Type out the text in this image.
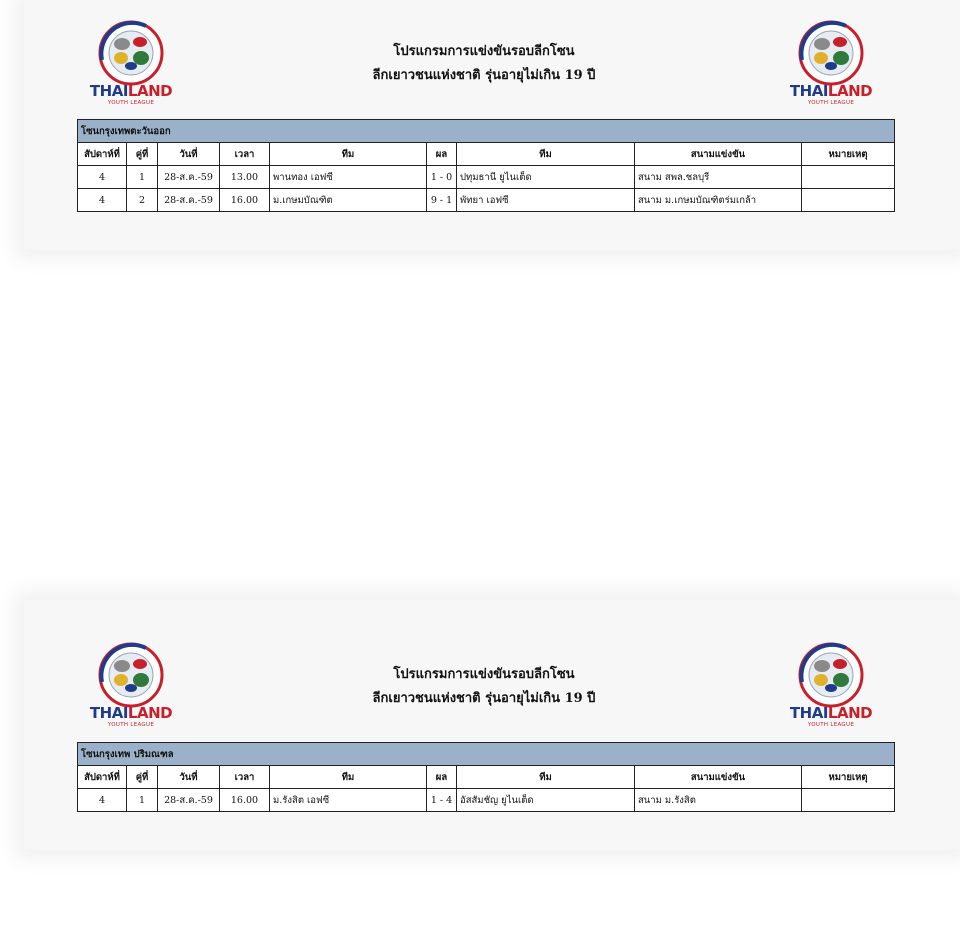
THAILAND
YOUTH LEAGUE
โปรแกรมการแข่งขันรอบลีกโซน
ลีกเยาวชนแห่งชาติ รุ่นอายุไม่เกิน 19 ปี
THAILAND
YOUTH LEAGUE
โซนกรุงเทพตะวันออก								
สัปดาห์ที่	คู่ที่	วันที่	เวลา	ทีม	ผล	ทีม	สนามแข่งขัน	หมายเหตุ
4	1	28-ส.ค.-59	13.00	พานทอง เอฟซี	1 - 0	ปทุมธานี ยูไนเต็ด	สนาม สพล.ชลบุรี	
4	2	28-ส.ค.-59	16.00	ม.เกษมบัณฑิต	9 - 1	พัทยา เอฟซี	สนาม ม.เกษมบัณฑิตร่มเกล้า	
THAILAND
YOUTH LEAGUE
โปรแกรมการแข่งขันรอบลีกโซน
ลีกเยาวชนแห่งชาติ รุ่นอายุไม่เกิน 19 ปี
THAILAND
YOUTH LEAGUE
โซนกรุงเทพ ปริมณฑล								
สัปดาห์ที่	คู่ที่	วันที่	เวลา	ทีม	ผล	ทีม	สนามแข่งขัน	หมายเหตุ
4	1	28-ส.ค.-59	16.00	ม.รังสิต เอฟซี	1 - 4	อัสสัมชัญ ยูไนเต็ด	สนาม ม.รังสิต	
